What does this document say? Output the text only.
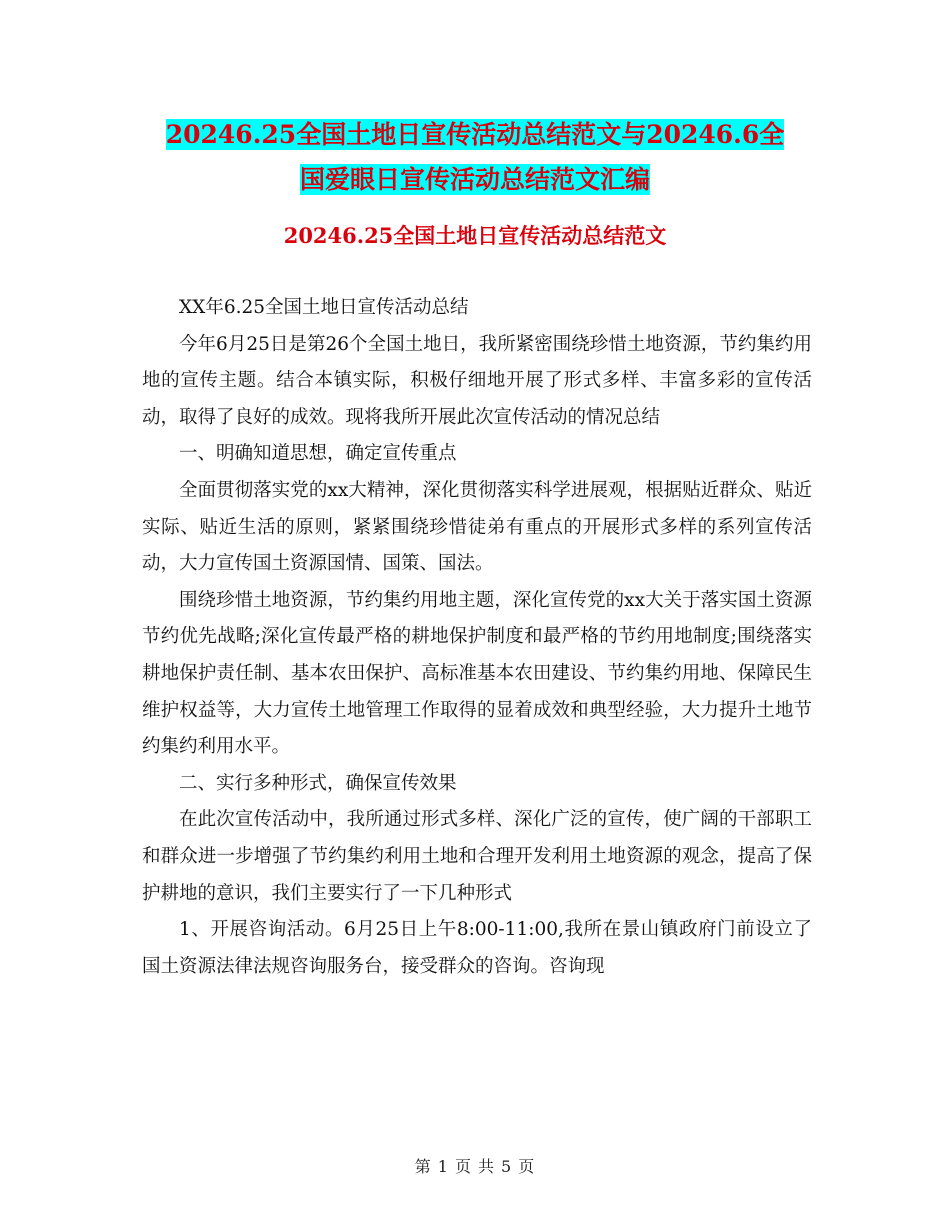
20246.25全国土地日宣传活动总结范文与20246.6全
国爱眼日宣传活动总结范文汇编
20246.25全国土地日宣传活动总结范文

XX年6.25全国土地日宣传活动总结

今年6月25日是第26个全国土地日，我所紧密围绕珍惜土地资源，节约集约用地的宣传主题。结合本镇实际，积极仔细地开展了形式多样、丰富多彩的宣传活动，取得了良好的成效。现将我所开展此次宣传活动的情况总结

一、明确知道思想，确定宣传重点

全面贯彻落实党的xx大精神，深化贯彻落实科学进展观，根据贴近群众、贴近实际、贴近生活的原则，紧紧围绕珍惜徒弟有重点的开展形式多样的系列宣传活动，大力宣传国土资源国情、国策、国法。

围绕珍惜土地资源，节约集约用地主题，深化宣传党的xx大关于落实国土资源节约优先战略;深化宣传最严格的耕地保护制度和最严格的节约用地制度;围绕落实耕地保护责任制、基本农田保护、高标准基本农田建设、节约集约用地、保障民生维护权益等，大力宣传土地管理工作取得的显着成效和典型经验，大力提升土地节约集约利用水平。

二、实行多种形式，确保宣传效果

在此次宣传活动中，我所通过形式多样、深化广泛的宣传，使广阔的干部职工和群众进一步增强了节约集约利用土地和合理开发利用土地资源的观念，提高了保护耕地的意识，我们主要实行了一下几种形式

1、开展咨询活动。6月25日上午8:00-11:00,我所在景山镇政府门前设立了国土资源法律法规咨询服务台，接受群众的咨询。咨询现

第 1 页 共 5 页
